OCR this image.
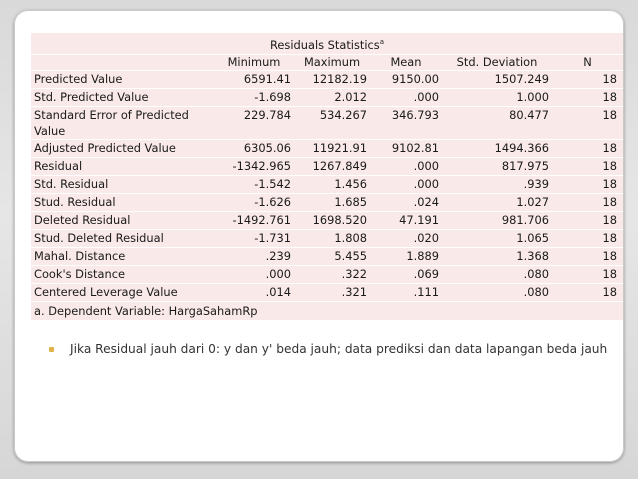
Residuals Statistics$^a$
	Minimum	Maximum	Mean	Std. Deviation	N
Predicted Value	6591.41	12182.19	9150.00	1507.249	18
Std. Predicted Value	-1.698	2.012	.000	1.000	18
Standard Error of Predicted Value	229.784	534.267	346.793	80.477	18
Adjusted Predicted Value	6305.06	11921.91	9102.81	1494.366	18
Residual	-1342.965	1267.849	.000	817.975	18
Std. Residual	-1.542	1.456	.000	.939	18
Stud. Residual	-1.626	1.685	.024	1.027	18
Deleted Residual	-1492.761	1698.520	47.191	981.706	18
Stud. Deleted Residual	-1.731	1.808	.020	1.065	18
Mahal. Distance	.239	5.455	1.889	1.368	18
Cook's Distance	.000	.322	.069	.080	18
Centered Leverage Value	.014	.321	.111	.080	18
a. Dependent Variable: HargaSahamRp					
Jika Residual jauh dari 0: y dan y' beda jauh; data prediksi dan data lapangan beda jauh
